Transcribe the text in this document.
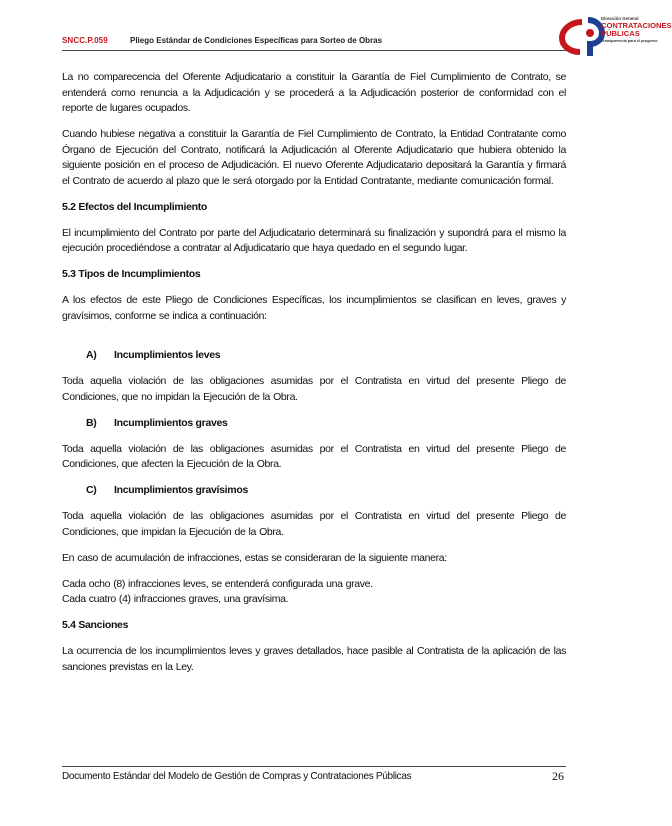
SNCC.P.059	Pliego Estándar de Condiciones Específicas para Sorteo de Obras
Dirección General
CONTRATACIONES
PÚBLICAS
Transparencia para el progreso

La no comparecencia del Oferente Adjudicatario a constituir la Garantía de Fiel Cumplimiento de Contrato, se entenderá como renuncia a la Adjudicación y se procederá a la Adjudicación posterior de conformidad con el reporte de lugares ocupados.

Cuando hubiese negativa a constituir la Garantía de Fiel Cumplimiento de Contrato, la Entidad Contratante como Órgano de Ejecución del Contrato, notificará la Adjudicación al Oferente Adjudicatario que hubiera obtenido la siguiente posición en el proceso de Adjudicación. El nuevo Oferente Adjudicatario depositará la Garantía y firmará el Contrato de acuerdo al plazo que le será otorgado por la Entidad Contratante, mediante comunicación formal.

5.2 Efectos del Incumplimiento

El incumplimiento del Contrato por parte del Adjudicatario determinará su finalización y supondrá para el mismo la ejecución procediéndose a contratar al Adjudicatario que haya quedado en el segundo lugar.

5.3 Tipos de Incumplimientos

A los efectos de este Pliego de Condiciones Específicas, los incumplimientos se clasifican en leves, graves y gravísimos, conforme se indica a continuación:

A) Incumplimientos leves

Toda aquella violación de las obligaciones asumidas por el Contratista en virtud del presente Pliego de Condiciones, que no impidan la Ejecución de la Obra.

B) Incumplimientos graves

Toda aquella violación de las obligaciones asumidas por el Contratista en virtud del presente Pliego de Condiciones, que afecten la Ejecución de la Obra.

C) Incumplimientos gravísimos

Toda aquella violación de las obligaciones asumidas por el Contratista en virtud del presente Pliego de Condiciones, que impidan la Ejecución de la Obra.

En caso de acumulación de infracciones, estas se consideraran de la siguiente manera:

Cada ocho (8) infracciones leves, se entenderá configurada una grave.
Cada cuatro (4) infracciones graves, una gravísima.

5.4 Sanciones

La ocurrencia de los incumplimientos leves y graves detallados, hace pasible al Contratista de la aplicación de las sanciones previstas en la Ley.

Documento Estándar del Modelo de Gestión de Compras y Contrataciones Públicas	26
